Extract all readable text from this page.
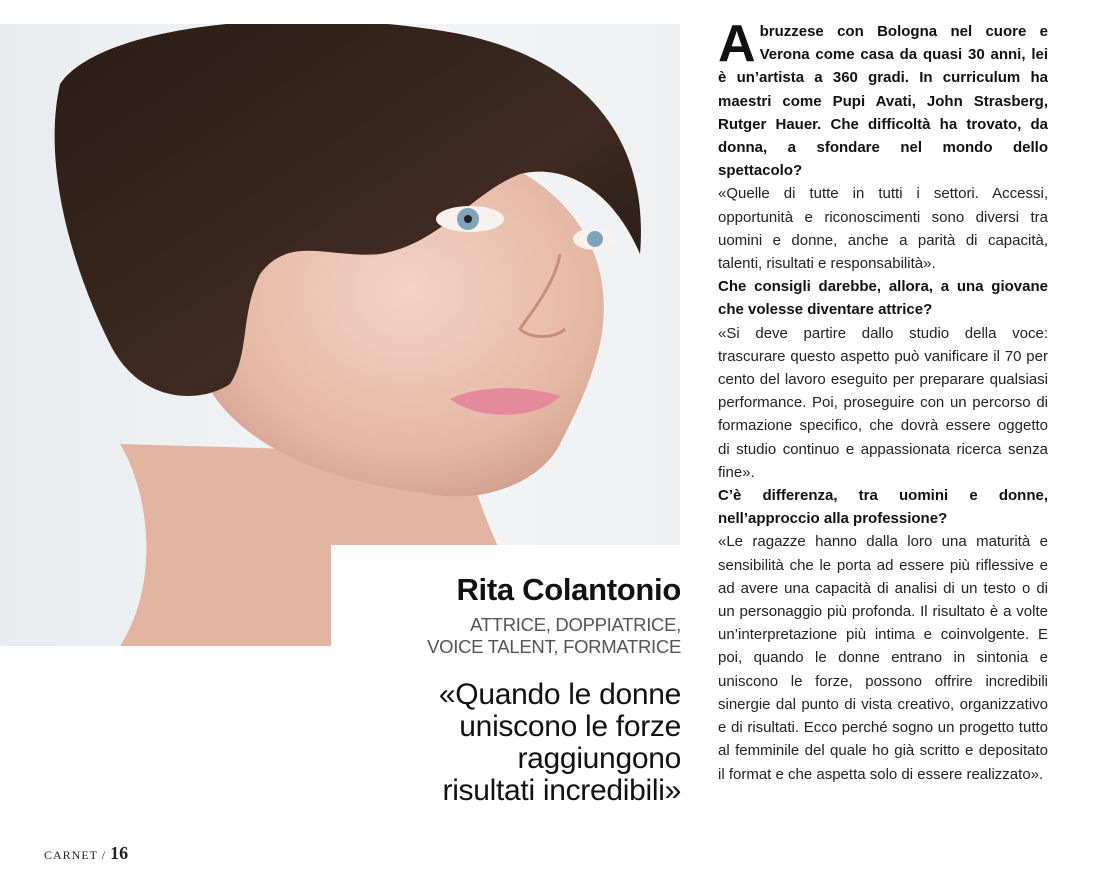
Rita Colantonio
ATTRICE, DOPPIATRICE,
VOICE TALENT, FORMATRICE
«Quando le donne
uniscono le forze
raggiungono
risultati incredibili»

Abruzzese con Bologna nel cuore e Verona come casa da quasi 30 anni, lei è un’artista a 360 gradi. In curriculum ha maestri come Pupi Avati, John Strasberg, Rutger Hauer. Che difficoltà ha trovato, da donna, a sfondare nel mondo dello spettacolo?

«Quelle di tutte in tutti i settori. Accessi, opportunità e riconoscimenti sono diversi tra uomini e donne, anche a parità di capacità, talenti, risultati e responsabilità».

Che consigli darebbe, allora, a una giovane che volesse diventare attrice?

«Si deve partire dallo studio della voce: trascurare questo aspetto può vanificare il 70 per cento del lavoro eseguito per preparare qualsiasi performance. Poi, proseguire con un percorso di formazione specifico, che dovrà essere oggetto di studio continuo e appassionata ricerca senza fine».

C’è differenza, tra uomini e donne, nell’approccio alla professione?

«Le ragazze hanno dalla loro una maturità e sensibilità che le porta ad essere più riflessive e ad avere una capacità di analisi di un testo o di un personaggio più profonda. Il risultato è a volte un’interpretazione più intima e coinvolgente. E poi, quando le donne entrano in sintonia e uniscono le forze, possono offrire incredibili sinergie dal punto di vista creativo, organizzativo e di risultati. Ecco perché sogno un progetto tutto al femminile del quale ho già scritto e depositato il format e che aspetta solo di essere realizzato».

CARNET / 16
